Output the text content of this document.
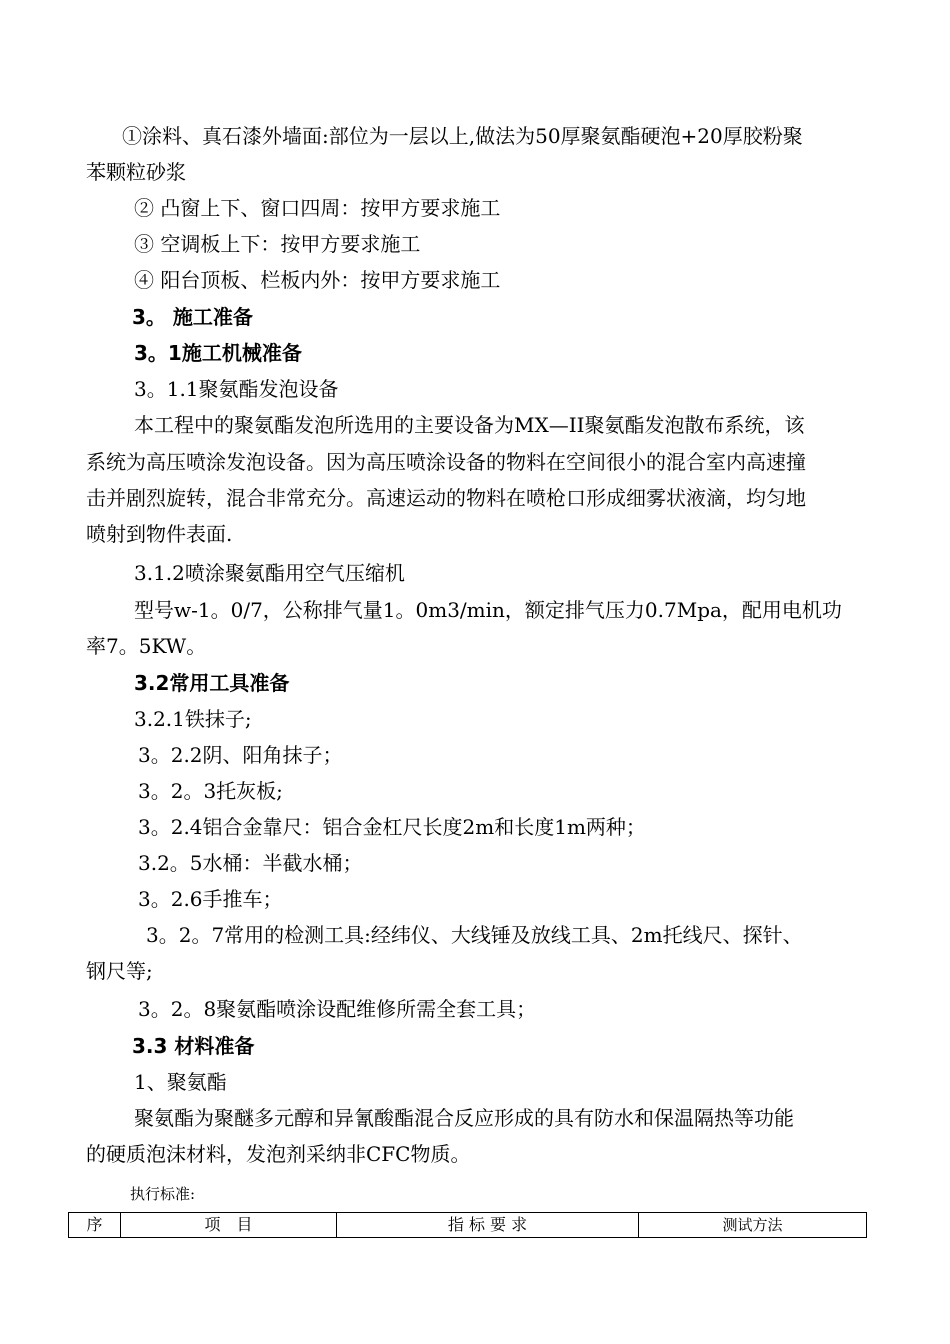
①涂料、真石漆外墙面:部位为一层以上,做法为50厚聚氨酯硬泡+20厚胶粉聚
苯颗粒砂浆
② 凸窗上下、窗口四周：按甲方要求施工
③ 空调板上下：按甲方要求施工
④ 阳台顶板、栏板内外：按甲方要求施工
3。 施工准备
3。1施工机械准备
3。1.1聚氨酯发泡设备
本工程中的聚氨酯发泡所选用的主要设备为MX—II聚氨酯发泡散布系统，该
系统为高压喷涂发泡设备。因为高压喷涂设备的物料在空间很小的混合室内高速撞
击并剧烈旋转，混合非常充分。高速运动的物料在喷枪口形成细雾状液滴，均匀地
喷射到物件表面.
3.1.2喷涂聚氨酯用空气压缩机
型号w-1。0/7，公称排气量1。0m3/min，额定排气压力0.7Mpa，配用电机功
率7。5KW。
3.2常用工具准备
3.2.1铁抹子;
3。2.2阴、阳角抹子；
3。2。3托灰板;
3。2.4铝合金靠尺：铝合金杠尺长度2m和长度1m两种；
3.2。5水桶：半截水桶；
3。2.6手推车；
3。2。7常用的检测工具:经纬仪、大线锤及放线工具、2m托线尺、探针、
钢尺等;
3。2。8聚氨酯喷涂设配维修所需全套工具；
3.3 材料准备
1、聚氨酯
聚氨酯为聚醚多元醇和异氰酸酯混合反应形成的具有防水和保温隔热等功能
的硬质泡沫材料，发泡剂采纳非CFC物质。
执行标准:
序	项　目	指 标 要 求	测试方法
